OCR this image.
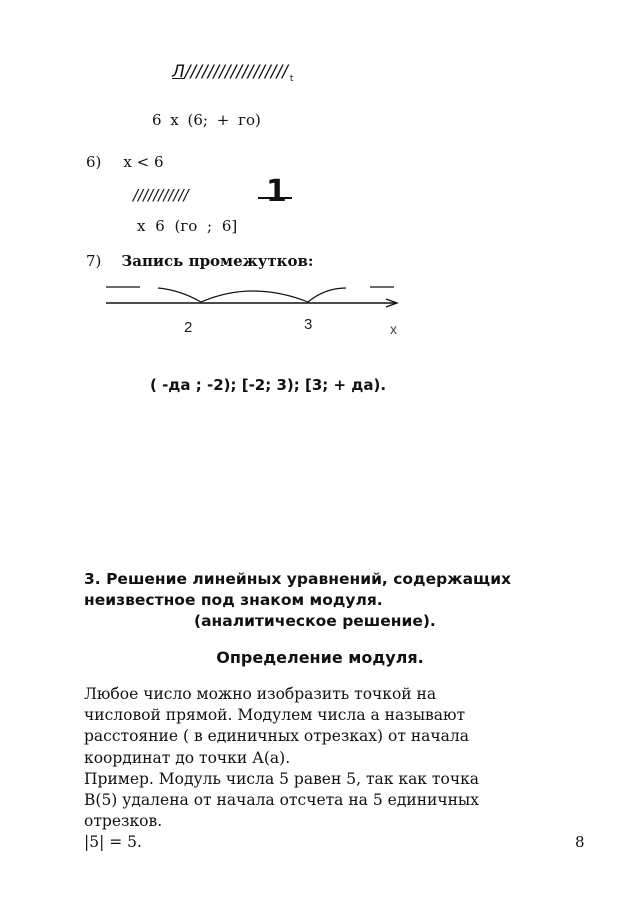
Л////////////////// $_t$
6 х (6; + го)
6) х < 6
///////////	1
х 6 (го ; 6]
7) Запись промежутков:
2	3	х
( -да ; -2); [-2; 3); [3; + да).
3. Решение линейных уравнений, содержащих
неизвестное под знаком модуля.
(аналитическое решение).
Определение модуля.
Любое число можно изобразить точкой на
числовой прямой. Модулем числа а называют
расстояние ( в единичных отрезках) от начала
координат до точки А(а).
Пример. Модуль числа 5 равен 5, так как точка
В(5) удалена от начала отсчета на 5 единичных
отрезков.
|5| = 5.	8
